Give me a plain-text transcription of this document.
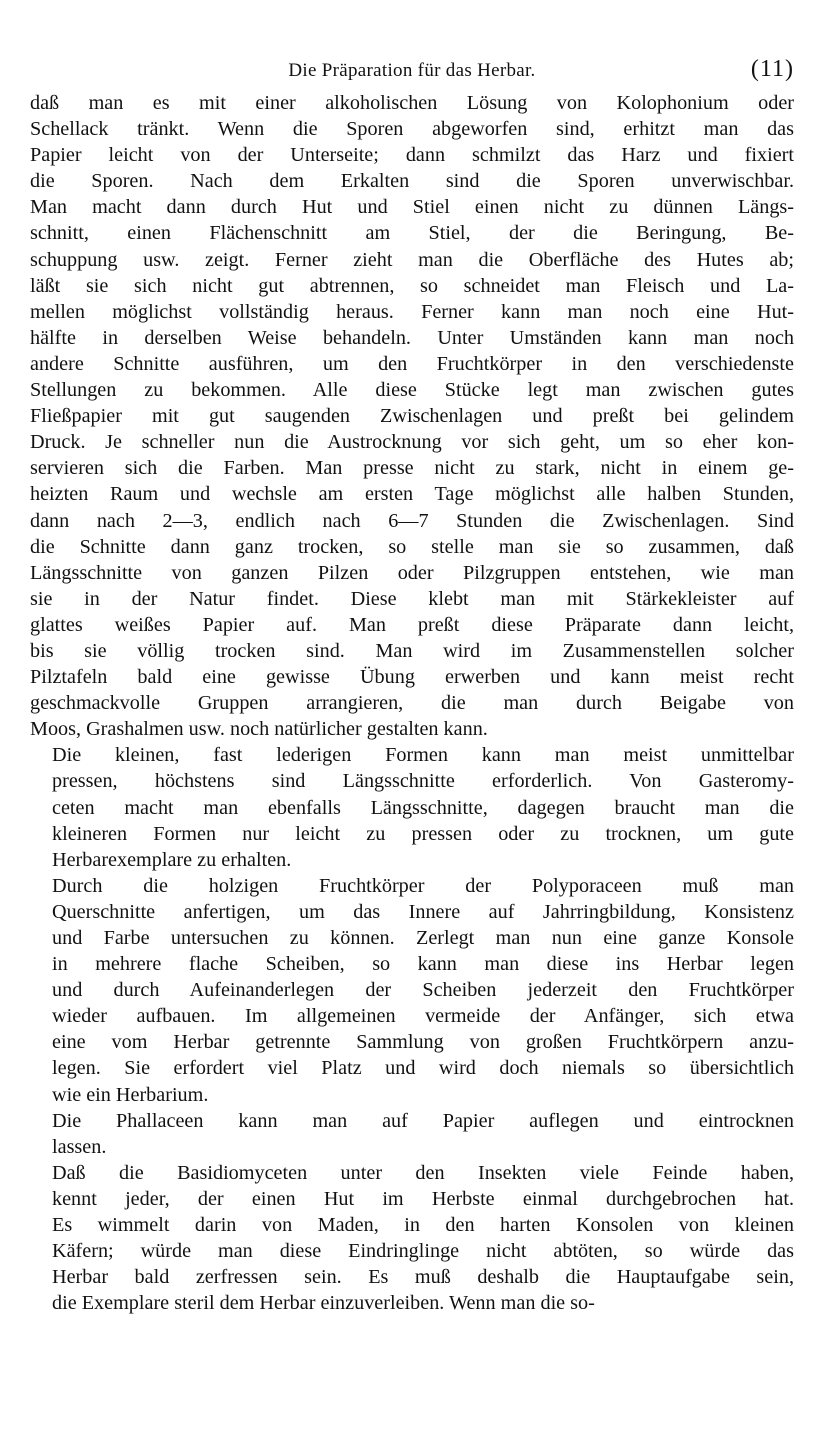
Die Präparation für das Herbar.	(11)
daß man es mit einer alkoholischen Lösung von Kolophonium oder
Schellack tränkt. Wenn die Sporen abgeworfen sind, erhitzt man das
Papier leicht von der Unterseite; dann schmilzt das Harz und fixiert
die Sporen. Nach dem Erkalten sind die Sporen unverwischbar.
Man macht dann durch Hut und Stiel einen nicht zu dünnen Längs-
schnitt, einen Flächenschnitt am Stiel, der die Beringung, Be-
schuppung usw. zeigt. Ferner zieht man die Oberfläche des Hutes ab;
läßt sie sich nicht gut abtrennen, so schneidet man Fleisch und La-
mellen möglichst vollständig heraus. Ferner kann man noch eine Hut-
hälfte in derselben Weise behandeln. Unter Umständen kann man noch
andere Schnitte ausführen, um den Fruchtkörper in den verschiedenste
Stellungen zu bekommen. Alle diese Stücke legt man zwischen gutes
Fließpapier mit gut saugenden Zwischenlagen und preßt bei gelindem
Druck. Je schneller nun die Austrocknung vor sich geht, um so eher kon-
servieren sich die Farben. Man presse nicht zu stark, nicht in einem ge-
heizten Raum und wechsle am ersten Tage möglichst alle halben Stunden,
dann nach 2—3, endlich nach 6—7 Stunden die Zwischenlagen. Sind
die Schnitte dann ganz trocken, so stelle man sie so zusammen, daß
Längsschnitte von ganzen Pilzen oder Pilzgruppen entstehen, wie man
sie in der Natur findet. Diese klebt man mit Stärkekleister auf
glattes weißes Papier auf. Man preßt diese Präparate dann leicht,
bis sie völlig trocken sind. Man wird im Zusammenstellen solcher
Pilztafeln bald eine gewisse Übung erwerben und kann meist recht
geschmackvolle Gruppen arrangieren, die man durch Beigabe von
Moos, Grashalmen usw. noch natürlicher gestalten kann.
Die kleinen, fast lederigen Formen kann man meist unmittelbar
pressen, höchstens sind Längsschnitte erforderlich. Von Gasteromy-
ceten macht man ebenfalls Längsschnitte, dagegen braucht man die
kleineren Formen nur leicht zu pressen oder zu trocknen, um gute
Herbarexemplare zu erhalten.
Durch die holzigen Fruchtkörper der Polyporaceen muß man
Querschnitte anfertigen, um das Innere auf Jahrringbildung, Konsistenz
und Farbe untersuchen zu können. Zerlegt man nun eine ganze Konsole
in mehrere flache Scheiben, so kann man diese ins Herbar legen
und durch Aufeinanderlegen der Scheiben jederzeit den Fruchtkörper
wieder aufbauen. Im allgemeinen vermeide der Anfänger, sich etwa
eine vom Herbar getrennte Sammlung von großen Fruchtkörpern anzu-
legen. Sie erfordert viel Platz und wird doch niemals so übersichtlich
wie ein Herbarium.
Die Phallaceen kann man auf Papier auflegen und eintrocknen
lassen.
Daß die Basidiomyceten unter den Insekten viele Feinde haben,
kennt jeder, der einen Hut im Herbste einmal durchgebrochen hat.
Es wimmelt darin von Maden, in den harten Konsolen von kleinen
Käfern; würde man diese Eindringlinge nicht abtöten, so würde das
Herbar bald zerfressen sein. Es muß deshalb die Hauptaufgabe sein,
die Exemplare steril dem Herbar einzuverleiben. Wenn man die so-
